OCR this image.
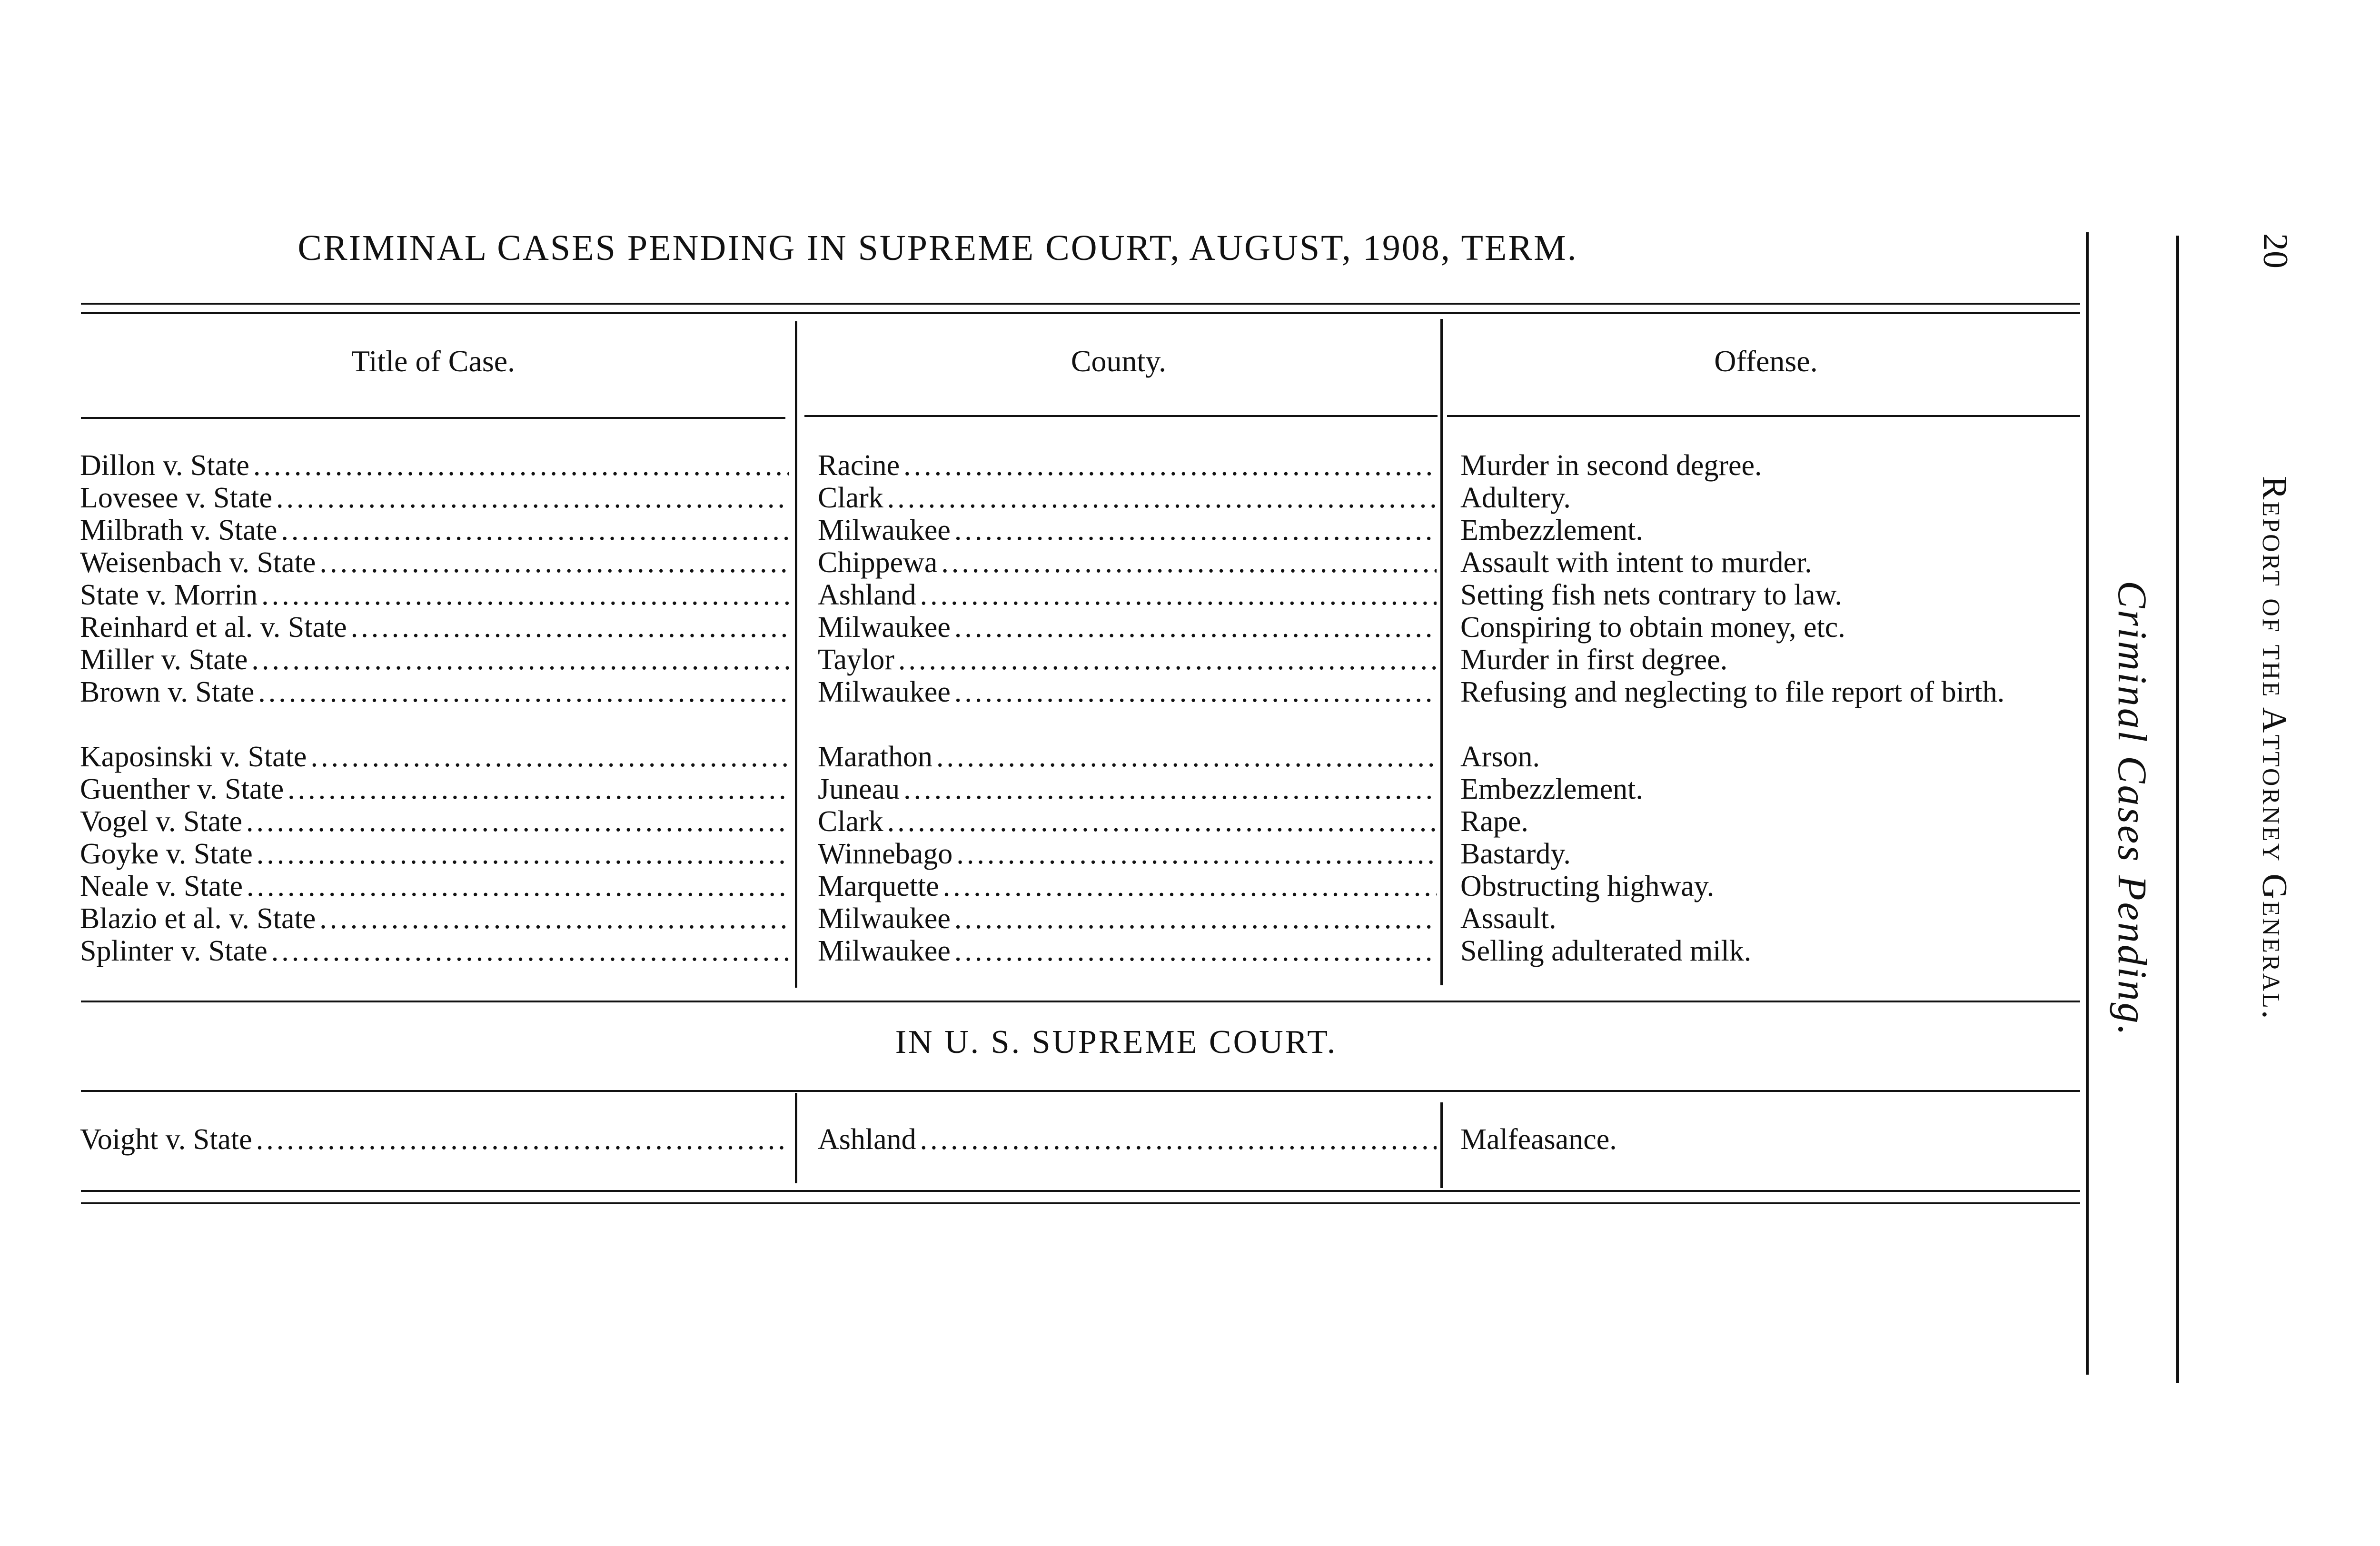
CRIMINAL CASES PENDING IN SUPREME COURT, AUGUST, 1908, TERM.
Title of Case.	County.	Offense.
Dillon v. State .....	Racine .....	Murder in second degree.
Lovesee v. State .....	Clark .....	Adultery.
Milbrath v. State .....	Milwaukee .....	Embezzlement.
Weisenbach v. State .....	Chippewa .....	Assault with intent to murder.
State v. Morrin .....	Ashland .....	Setting fish nets contrary to law.
Reinhard et al. v. State .....	Milwaukee .....	Conspiring to obtain money, etc.
Miller v. State .....	Taylor .....	Murder in first degree.
Brown v. State .....	Milwaukee .....	Refusing and neglecting to file report of birth.
Kaposinski v. State .....	Marathon .....	Arson.
Guenther v. State .....	Juneau .....	Embezzlement.
Vogel v. State .....	Clark .....	Rape.
Goyke v. State .....	Winnebago .....	Bastardy.
Neale v. State .....	Marquette .....	Obstructing highway.
Blazio et al. v. State .....	Milwaukee .....	Assault.
Splinter v. State .....	Milwaukee .....	Selling adulterated milk.
IN U. S. SUPREME COURT.
Voight v. State .....	Ashland .....	Malfeasance.
Criminal Cases Pending.	Report of the Attorney General.
20
